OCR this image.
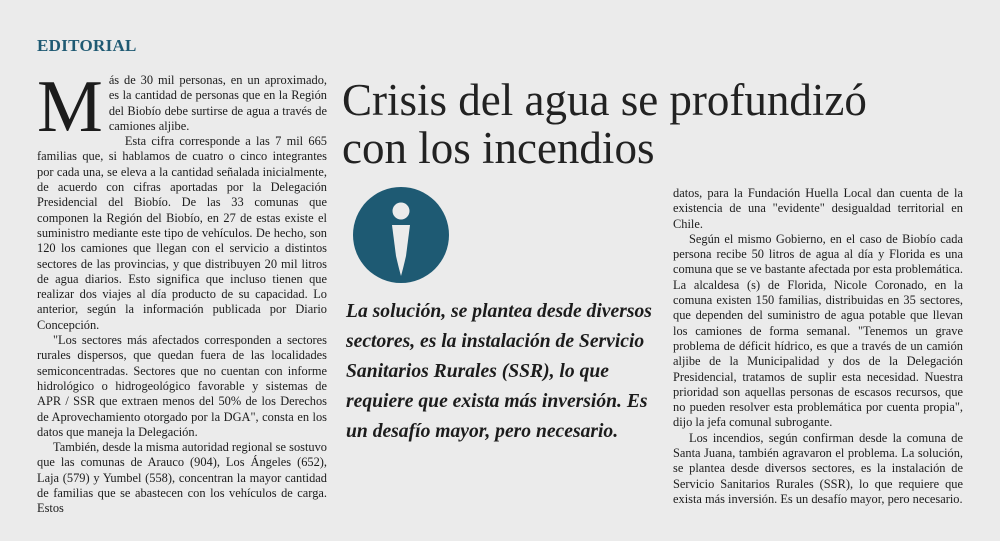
EDITORIAL
M ás de 30 mil personas, en un aproximado, es la cantidad de personas que en la Región del Biobío debe surtirse de agua a través de camiones aljibe.

Esta cifra corresponde a las 7 mil 665 familias que, si hablamos de cuatro o cinco integrantes por cada una, se eleva a la cantidad señalada inicialmente, de acuerdo con cifras aportadas por la Delegación Presidencial del Biobío. De las 33 comunas que componen la Región del Biobío, en 27 de estas existe el suministro mediante este tipo de vehículos. De hecho, son 120 los camiones que llegan con el servicio a distintos sectores de las provincias, y que distribuyen 20 mil litros de agua diarios. Esto significa que incluso tienen que realizar dos viajes al día producto de su capacidad. Lo anterior, según la información publicada por Diario Concepción.

"Los sectores más afectados corresponden a sectores rurales dispersos, que quedan fuera de las localidades semiconcentradas. Sectores que no cuentan con informe hidrológico o hidrogeológico favorable y sistemas de APR / SSR que extraen menos del 50% de los Derechos de Aprovechamiento otorgado por la DGA", consta en los datos que maneja la Delegación.

También, desde la misma autoridad regional se sostuvo que las comunas de Arauco (904), Los Ángeles (652), Laja (579) y Yumbel (558), concentran la mayor cantidad de familias que se abastecen con los vehículos de carga. Estos

Crisis del agua se profundizó con los incendios
La solución, se plantea desde diversos sectores, es la instalación de Servicio Sanitarios Rurales (SSR), lo que requiere que exista más inversión. Es un desafío mayor, pero necesario.

datos, para la Fundación Huella Local dan cuenta de la existencia de una "evidente" desigualdad territorial en Chile.

Según el mismo Gobierno, en el caso de Biobío cada persona recibe 50 litros de agua al día y Florida es una comuna que se ve bastante afectada por esta problemática. La alcaldesa (s) de Florida, Nicole Coronado, en la comuna existen 150 familias, distribuidas en 35 sectores, que dependen del suministro de agua potable que llevan los camiones de forma semanal. "Tenemos un grave problema de déficit hídrico, es que a través de un camión aljibe de la Municipalidad y dos de la Delegación Presidencial, tratamos de suplir esta necesidad. Nuestra prioridad son aquellas personas de escasos recursos, que no pueden resolver esta problemática por cuenta propia", dijo la jefa comunal subrogante.

Los incendios, según confirman desde la comuna de Santa Juana, también agravaron el problema. La solución, se plantea desde diversos sectores, es la instalación de Servicio Sanitarios Rurales (SSR), lo que requiere que exista más inversión. Es un desafío mayor, pero necesario.
